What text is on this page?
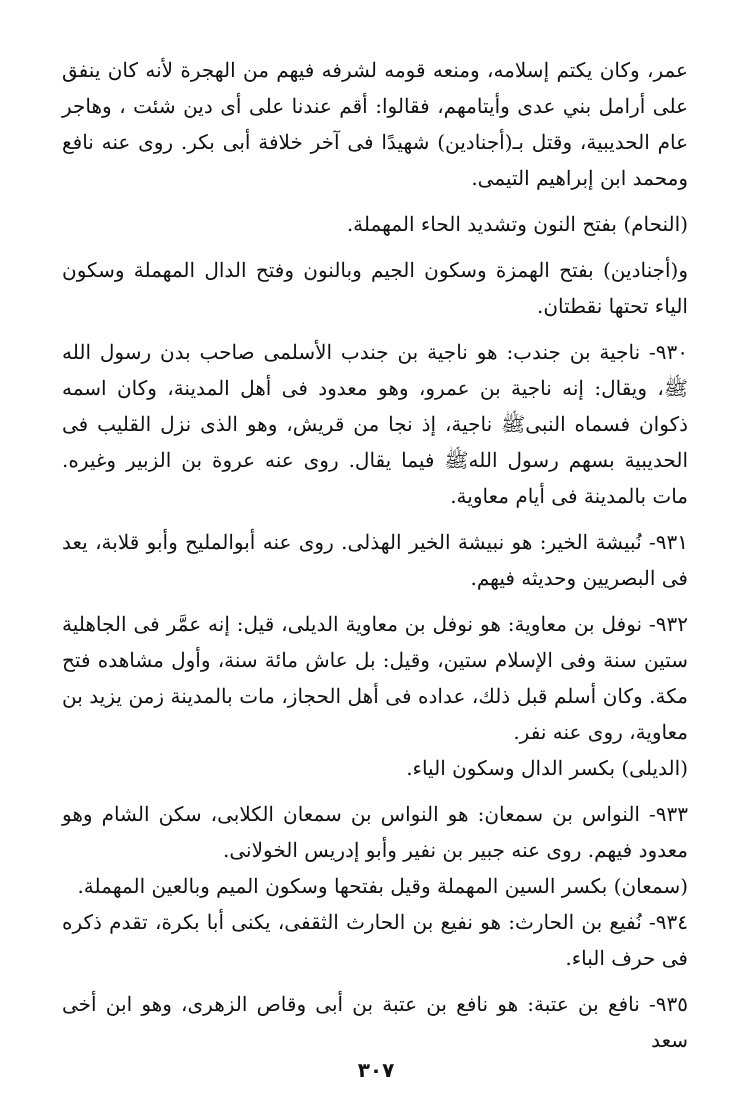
عمر، وكان يكتم إسلامه، ومنعه قومه لشرفه فيهم من الهجرة لأنه كان ينفق على أرامل بني عدى وأيتامهم، فقالوا: أقم عندنا على أى دين شئت ، وهاجر عام الحديبية، وقتل بـ(أجنادين) شهيدًا فى آخر خلافة أبى بكر. روى عنه نافع ومحمد ابن إبراهيم التيمى.

(النحام) بفتح النون وتشديد الحاء المهملة.

و(أجنادين) بفتح الهمزة وسكون الجيم وبالنون وفتح الدال المهملة وسكون الياء تحتها نقطتان.

٩٣٠- ناجية بن جندب: هو ناجية بن جندب الأسلمى صاحب بدن رسول الله ﷺ، ويقال: إنه ناجية بن عمرو، وهو معدود فى أهل المدينة، وكان اسمه ذكوان فسماه النبىﷺ ناجية، إذ نجا من قريش، وهو الذى نزل القليب فى الحديبية بسهم رسول اللهﷺ فيما يقال. روى عنه عروة بن الزبير وغيره. مات بالمدينة فى أيام معاوية.

٩٣١- نُبيشة الخير: هو نبيشة الخير الهذلى. روى عنه أبوالمليح وأبو قلابة، يعد فى البصريين وحديثه فيهم.

٩٣٢- نوفل بن معاوية: هو نوفل بن معاوية الديلى، قيل: إنه عمَّر فى الجاهلية ستين سنة وفى الإسلام ستين، وقيل: بل عاش مائة سنة، وأول مشاهده فتح مكة. وكان أسلم قبل ذلك، عداده فى أهل الحجاز، مات بالمدينة زمن يزيد بن معاوية، روى عنه نفر.

(الديلى) بكسر الدال وسكون الياء.

٩٣٣- النواس بن سمعان: هو النواس بن سمعان الكلابى، سكن الشام وهو معدود فيهم. روى عنه جبير بن نفير وأبو إدريس الخولانى.

(سمعان) بكسر السين المهملة وقيل بفتحها وسكون الميم وبالعين المهملة.

٩٣٤- نُفيع بن الحارث: هو نفيع بن الحارث الثقفى، يكنى أبا بكرة، تقدم ذكره فى حرف الباء.

٩٣٥- نافع بن عتبة: هو نافع بن عتبة بن أبى وقاص الزهرى، وهو ابن أخى سعد

٣٠٧
